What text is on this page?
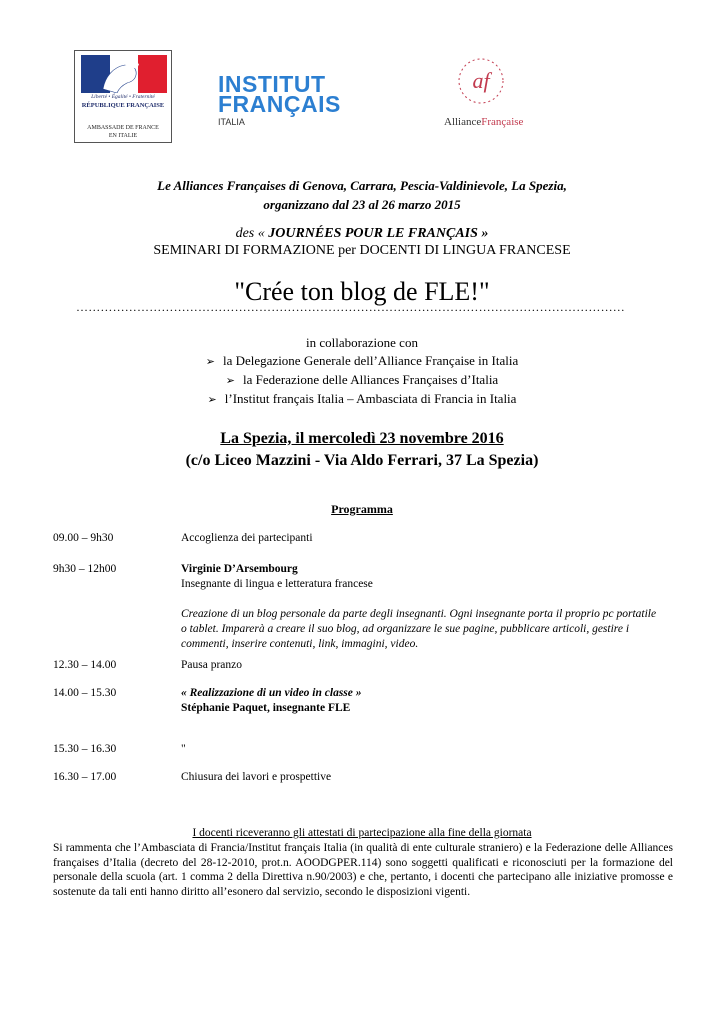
Liberté • Égalité • Fraternité
RÉPUBLIQUE FRANÇAISE
AMBASSADE DE FRANCE
EN ITALIE
INSTITUT
FRANÇAIS
ITALIA
af
AllianceFrançaise
Le Alliances Françaises di Genova, Carrara, Pescia-Valdinievole, La Spezia,
organizzano dal 23 al 26 marzo 2015
des « JOURNÉES POUR LE FRANÇAIS »
SEMINARI DI FORMAZIONE per DOCENTI DI LINGUA FRANCESE
"Crée ton blog de FLE!"
………………………………………………………………………………………………………………………
in collaborazione con
➢ la Delegazione Generale dell’Alliance Française in Italia
➢ la Federazione delle Alliances Françaises d’Italia
➢ l’Institut français Italia – Ambasciata di Francia in Italia
La Spezia, il mercoledì 23 novembre 2016
(c/o Liceo Mazzini - Via Aldo Ferrari, 37 La Spezia)
Programma
09.00 – 9h30	Accoglienza dei partecipanti
9h30 – 12h00	Virginie D’Arsembourg
Insegnante di lingua e letteratura francese
Creazione di un blog personale da parte degli insegnanti. Ogni insegnante porta il proprio pc portatile o tablet. Imparerà a creare il suo blog, ad organizzare le sue pagine, pubblicare articoli, gestire i commenti, inserire contenuti, link, immagini, video.
12.30 – 14.00	Pausa pranzo
14.00 – 15.30	« Realizzazione di un video in classe »
Stéphanie Paquet, insegnante FLE
15.30 – 16.30	"
16.30 – 17.00	Chiusura dei lavori e prospettive
I docenti riceveranno gli attestati di partecipazione alla fine della giornata
Si rammenta che l’Ambasciata di Francia/Institut français Italia (in qualità di ente culturale straniero) e la Federazione delle Alliances françaises d’Italia (decreto del 28-12-2010, prot.n. AOODGPER.114) sono soggetti qualificati e riconosciuti per la formazione del personale della scuola (art. 1 comma 2 della Direttiva n.90/2003) e che, pertanto, i docenti che partecipano alle iniziative promosse e sostenute da tali enti hanno diritto all’esonero dal servizio, secondo le disposizioni vigenti.
